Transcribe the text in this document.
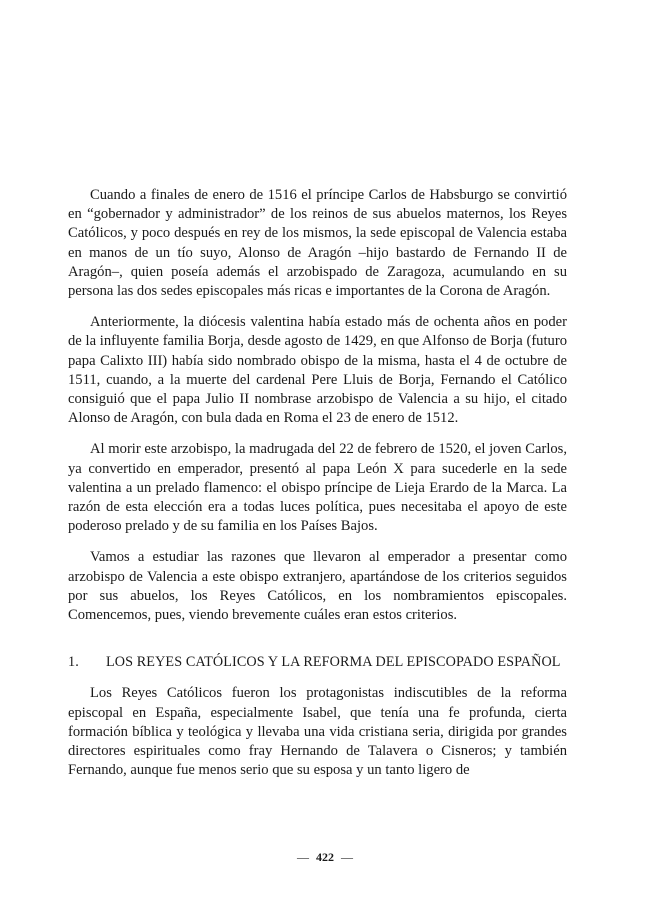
Cuando a finales de enero de 1516 el príncipe Carlos de Habsburgo se convirtió en “gobernador y administrador” de los reinos de sus abuelos maternos, los Reyes Católicos, y poco después en rey de los mismos, la sede episcopal de Valencia estaba en manos de un tío suyo, Alonso de Aragón –hijo bastardo de Fernando II de Aragón–, quien poseía además el arzobispado de Zaragoza, acumulando en su persona las dos sedes episcopales más ricas e importantes de la Corona de Aragón.

Anteriormente, la diócesis valentina había estado más de ochenta años en poder de la influyente familia Borja, desde agosto de 1429, en que Alfonso de Borja (futuro papa Calixto III) había sido nombrado obispo de la misma, hasta el 4 de octubre de 1511, cuando, a la muerte del cardenal Pere Lluis de Borja, Fernando el Católico consiguió que el papa Julio II nombrase arzobispo de Valencia a su hijo, el citado Alonso de Aragón, con bula dada en Roma el 23 de enero de 1512.

Al morir este arzobispo, la madrugada del 22 de febrero de 1520, el joven Carlos, ya convertido en emperador, presentó al papa León X para sucederle en la sede valentina a un prelado flamenco: el obispo príncipe de Lieja Erardo de la Marca. La razón de esta elección era a todas luces política, pues necesitaba el apoyo de este poderoso prelado y de su familia en los Países Bajos.

Vamos a estudiar las razones que llevaron al emperador a presentar como arzobispo de Valencia a este obispo extranjero, apartándose de los criterios seguidos por sus abuelos, los Reyes Católicos, en los nombramientos episcopales. Comencemos, pues, viendo brevemente cuáles eran estos criterios.

1.	LOS REYES CATÓLICOS Y LA REFORMA DEL EPISCOPADO ESPAÑOL

Los Reyes Católicos fueron los protagonistas indiscutibles de la reforma episcopal en España, especialmente Isabel, que tenía una fe profunda, cierta formación bíblica y teológica y llevaba una vida cristiana seria, dirigida por grandes directores espirituales como fray Hernando de Talavera o Cisneros; y también Fernando, aunque fue menos serio que su esposa y un tanto ligero de

— 422 —
